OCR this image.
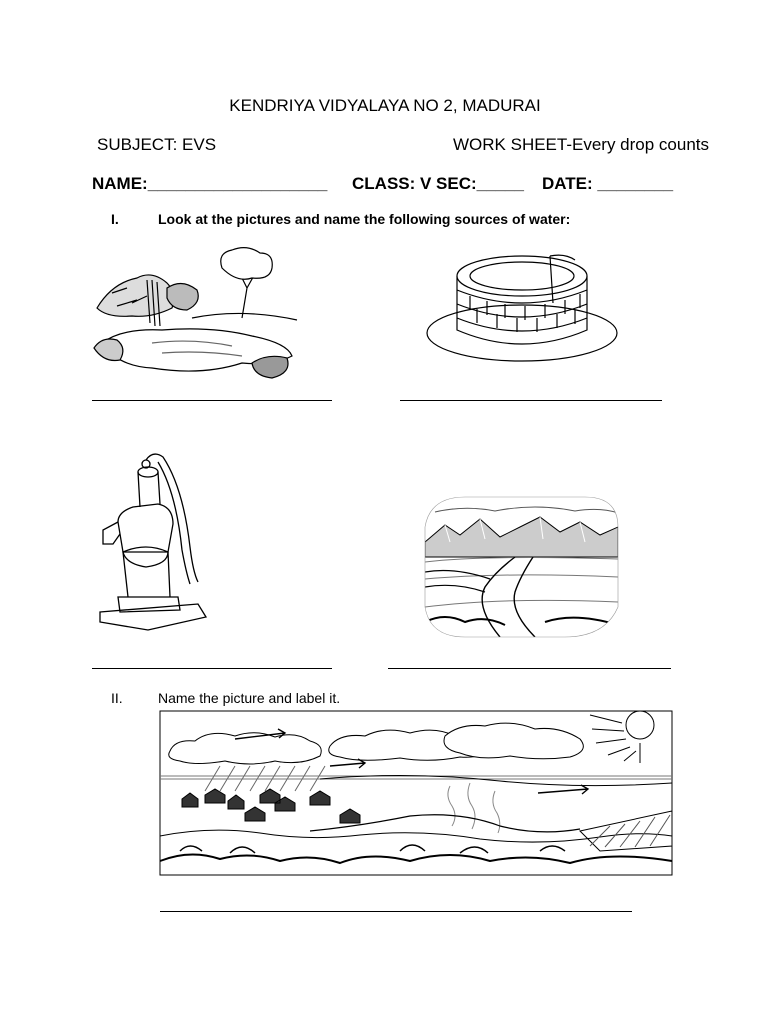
KENDRIYA VIDYALAYA NO 2, MADURAI
SUBJECT: EVS	WORK SHEET-Every drop counts
NAME:___________________ CLASS: V SEC:_____ DATE: ________
I.	Look at the pictures and name the following sources of water:
II.	Name the picture and label it.
